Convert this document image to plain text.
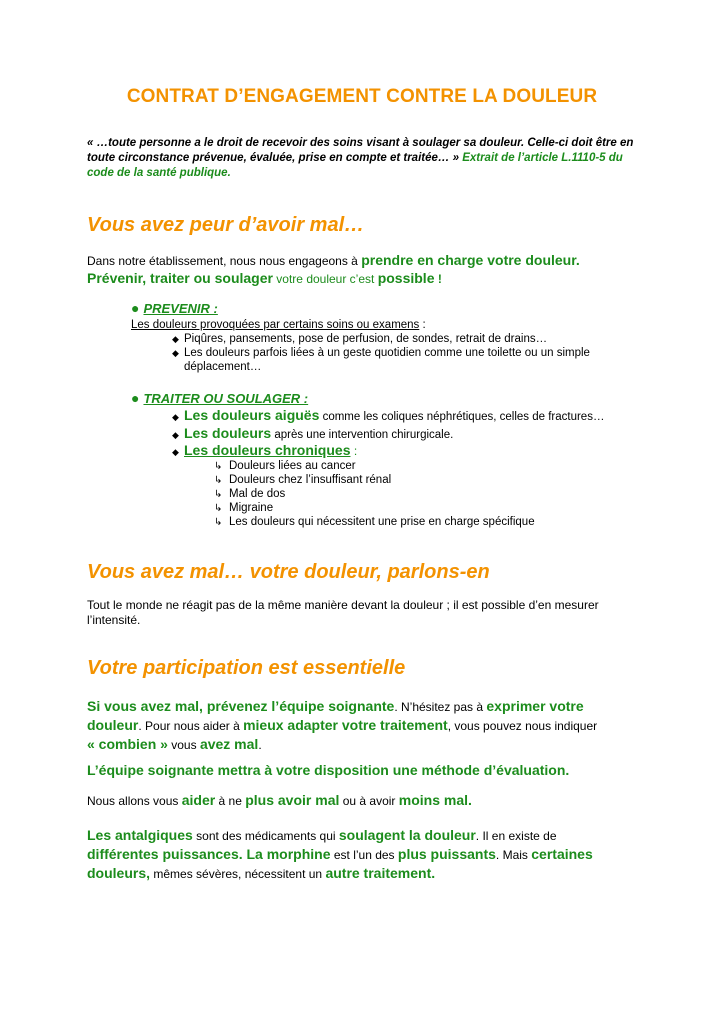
CONTRAT D’ENGAGEMENT CONTRE LA DOULEUR
« …toute personne a le droit de recevoir des soins visant à soulager sa douleur. Celle-ci doit être en toute circonstance prévenue, évaluée, prise en compte et traitée… » Extrait de l’article L.1110-5 du code de la santé publique.
Vous avez peur d’avoir mal…
Dans notre établissement, nous nous engageons à prendre en charge votre douleur.
Prévenir, traiter ou soulager votre douleur c’est possible !
● PREVENIR :
Les douleurs provoquées par certains soins ou examens :
◆ Piqûres, pansements, pose de perfusion, de sondes, retrait de drains…
◆ Les douleurs parfois liées à un geste quotidien comme une toilette ou un simple
déplacement…
● TRAITER OU SOULAGER :
◆ Les douleurs aiguës comme les coliques néphrétiques, celles de fractures…
◆ Les douleurs après une intervention chirurgicale.
◆ Les douleurs chroniques :
↳ Douleurs liées au cancer
↳ Douleurs chez l’insuffisant rénal
↳ Mal de dos
↳ Migraine
↳ Les douleurs qui nécessitent une prise en charge spécifique
Vous avez mal… votre douleur, parlons-en
Tout le monde ne réagit pas de la même manière devant la douleur ; il est possible d’en mesurer
l’intensité.
Votre participation est essentielle
Si vous avez mal, prévenez l’équipe soignante. N’hésitez pas à exprimer votre
douleur. Pour nous aider à mieux adapter votre traitement, vous pouvez nous indiquer
« combien » vous avez mal.
L’équipe soignante mettra à votre disposition une méthode d’évaluation.
Nous allons vous aider à ne plus avoir mal ou à avoir moins mal.
Les antalgiques sont des médicaments qui soulagent la douleur. Il en existe de
différentes puissances. La morphine est l’un des plus puissants. Mais certaines
douleurs, mêmes sévères, nécessitent un autre traitement.
